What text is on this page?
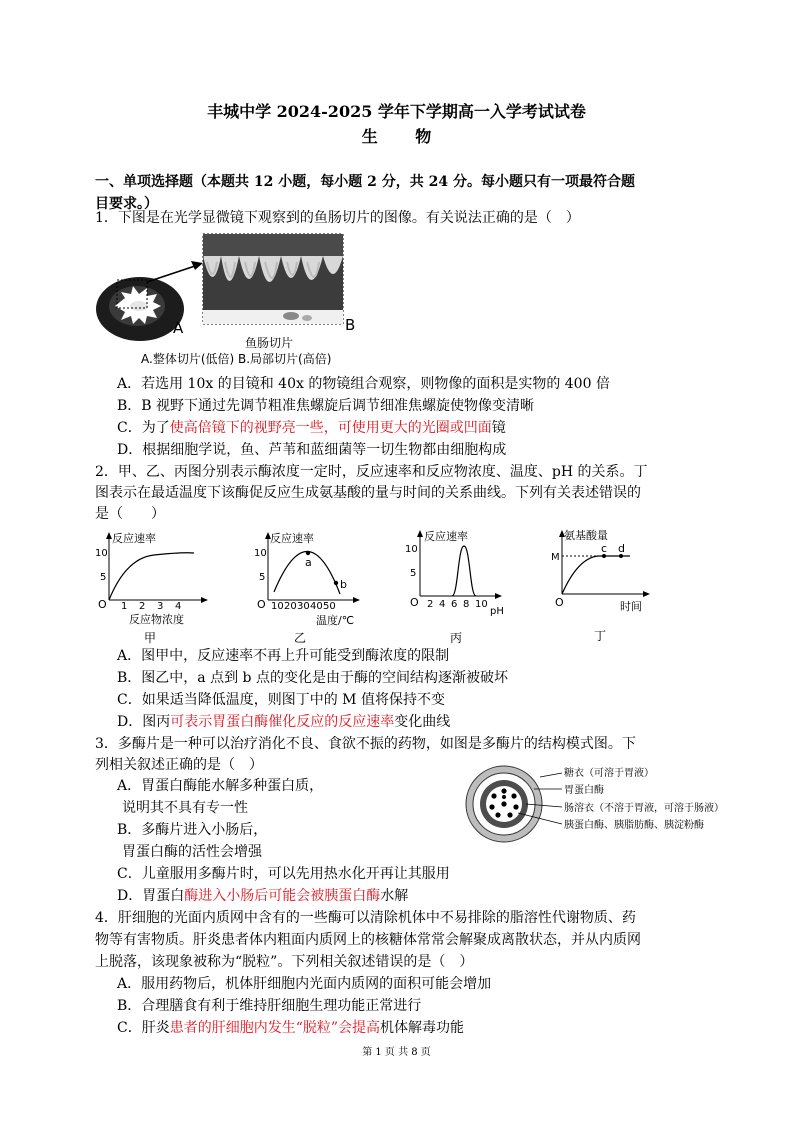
丰城中学 2024-2025 学年下学期高一入学考试试卷
生 物
一、单项选择题（本题共 12 小题，每小题 2 分，共 24 分。每小题只有一项最符合题
目要求。）
1．下图是在光学显微镜下观察到的鱼肠切片的图像。有关说法正确的是（　）
A	B
鱼肠切片
A.整体切片(低倍) B.局部切片(高倍)
A．若选用 10x 的目镜和 40x 的物镜组合观察，则物像的面积是实物的 400 倍
B．B 视野下通过先调节粗准焦螺旋后调节细准焦螺旋使物像变清晰
C．为了使高倍镜下的视野亮一些，可使用更大的光圈或凹面镜
D．根据细胞学说，鱼、芦苇和蓝细菌等一切生物都由细胞构成
2．甲、乙、丙图分别表示酶浓度一定时，反应速率和反应物浓度、温度、pH 的关系。丁
图表示在最适温度下该酶促反应生成氨基酸的量与时间的关系曲线。下列有关表述错误的
是（　　）
反应速率
10
5
O 1 2 3 4
反应物浓度
甲
反应速率
10
5
O 10 20 30 40 50
a
b
温度/℃
乙
反应速率
10
5
O 2 4 6 8 10
pH
丙
氨基酸量
M
c d
O	时间
丁
A．图甲中，反应速率不再上升可能受到酶浓度的限制
B．图乙中，a 点到 b 点的变化是由于酶的空间结构逐渐被破坏
C．如果适当降低温度，则图丁中的 M 值将保持不变
D．图丙可表示胃蛋白酶催化反应的反应速率变化曲线
3．多酶片是一种可以治疗消化不良、食欲不振的药物，如图是多酶片的结构模式图。下
列相关叙述正确的是（　）
糖衣（可溶于胃液）
胃蛋白酶
肠溶衣（不溶于胃液，可溶于肠液）
胰蛋白酶、胰脂肪酶、胰淀粉酶
A．胃蛋白酶能水解多种蛋白质，
说明其不具有专一性
B．多酶片进入小肠后，
胃蛋白酶的活性会增强
C．儿童服用多酶片时，可以先用热水化开再让其服用
D．胃蛋白酶进入小肠后可能会被胰蛋白酶水解
4．肝细胞的光面内质网中含有的一些酶可以清除机体中不易排除的脂溶性代谢物质、药
物等有害物质。肝炎患者体内粗面内质网上的核糖体常常会解聚成离散状态，并从内质网
上脱落，该现象被称为“脱粒”。下列相关叙述错误的是（　）
A．服用药物后，机体肝细胞内光面内质网的面积可能会增加
B．合理膳食有利于维持肝细胞生理功能正常进行
C．肝炎患者的肝细胞内发生“脱粒”会提高机体解毒功能
第 1 页 共 8 页
